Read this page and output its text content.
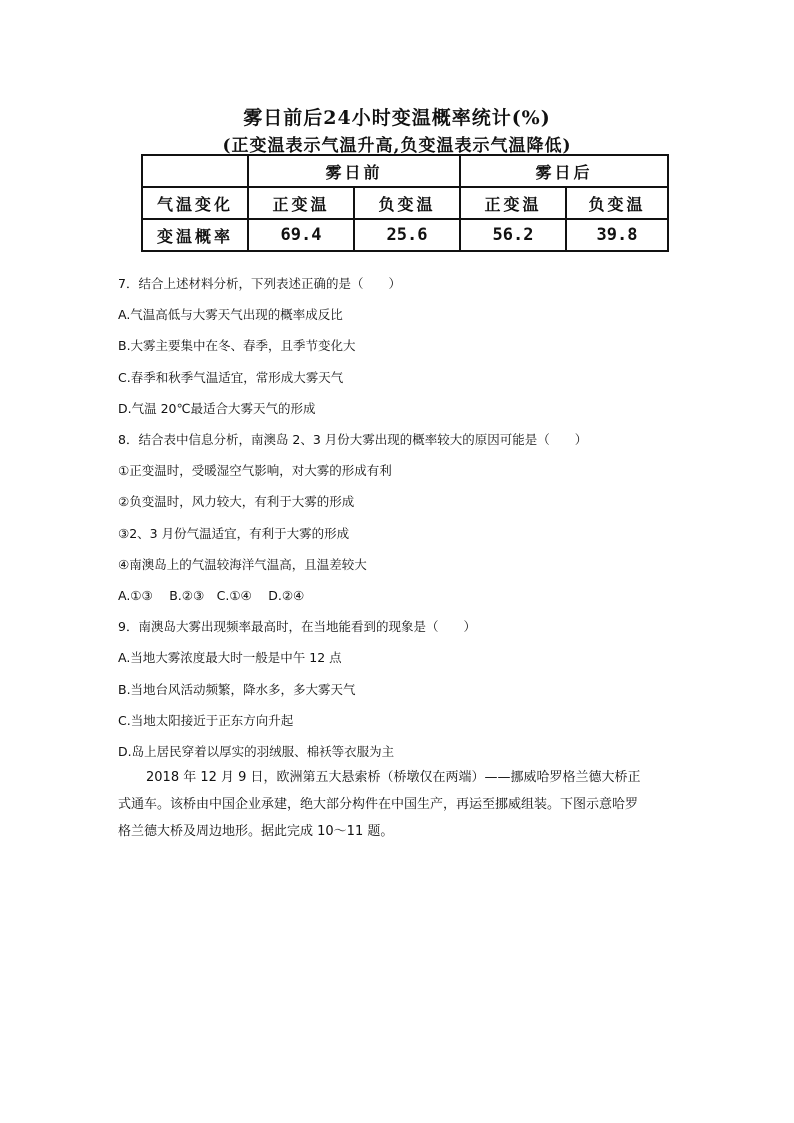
雾日前后24小时变温概率统计(%)
(正变温表示气温升高,负变温表示气温降低)
	雾日前		雾日后	
气温变化	正变温	负变温	正变温	负变温
变温概率	69.4	25.6	56.2	39.8
7．结合上述材料分析，下列表述正确的是（　　）
A.气温高低与大雾天气出现的概率成反比
B.大雾主要集中在冬、春季，且季节变化大
C.春季和秋季气温适宜，常形成大雾天气
D.气温 20℃最适合大雾天气的形成
8．结合表中信息分析，南澳岛 2、3 月份大雾出现的概率较大的原因可能是（　　）
①正变温时，受暖湿空气影响，对大雾的形成有利
②负变温时，风力较大，有利于大雾的形成
③2、3 月份气温适宜，有利于大雾的形成
④南澳岛上的气温较海洋气温高，且温差较大
A.①③　 B.②③　C.①④　 D.②④
9．南澳岛大雾出现频率最高时，在当地能看到的现象是（　　）
A.当地大雾浓度最大时一般是中午 12 点
B.当地台风活动频繁，降水多，多大雾天气
C.当地太阳接近于正东方向升起
D.岛上居民穿着以厚实的羽绒服、棉袄等衣服为主
2018 年 12 月 9 日，欧洲第五大悬索桥（桥墩仅在两端）——挪威哈罗格兰德大桥正
式通车。该桥由中国企业承建，绝大部分构件在中国生产，再运至挪威组装。下图示意哈罗
格兰德大桥及周边地形。据此完成 10～11 题。
